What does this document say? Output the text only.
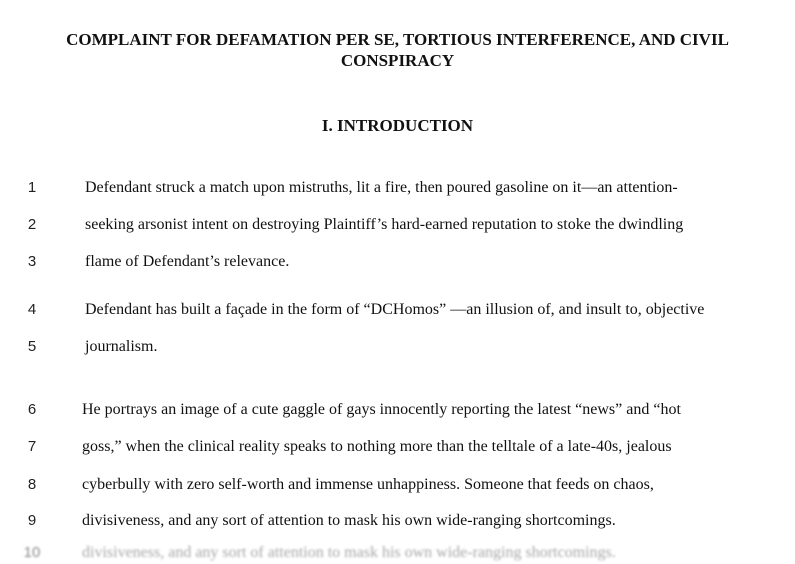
COMPLAINT FOR DEFAMATION PER SE, TORTIOUS INTERFERENCE, AND CIVIL CONSPIRACY
I. INTRODUCTION
1	Defendant struck a match upon mistruths, lit a fire, then poured gasoline on it—an attention-
2	seeking arsonist intent on destroying Plaintiff’s hard-earned reputation to stoke the dwindling
3	flame of Defendant’s relevance.
4	Defendant has built a façade in the form of “DCHomos” —an illusion of, and insult to, objective
5	journalism.
6	He portrays an image of a cute gaggle of gays innocently reporting the latest “news” and “hot
7	goss,” when the clinical reality speaks to nothing more than the telltale of a late-40s, jealous
8	cyberbully with zero self-worth and immense unhappiness. Someone that feeds on chaos,
9	divisiveness, and any sort of attention to mask his own wide-ranging shortcomings.
10	divisiveness, and any sort of attention to mask his own wide-ranging shortcomings.
